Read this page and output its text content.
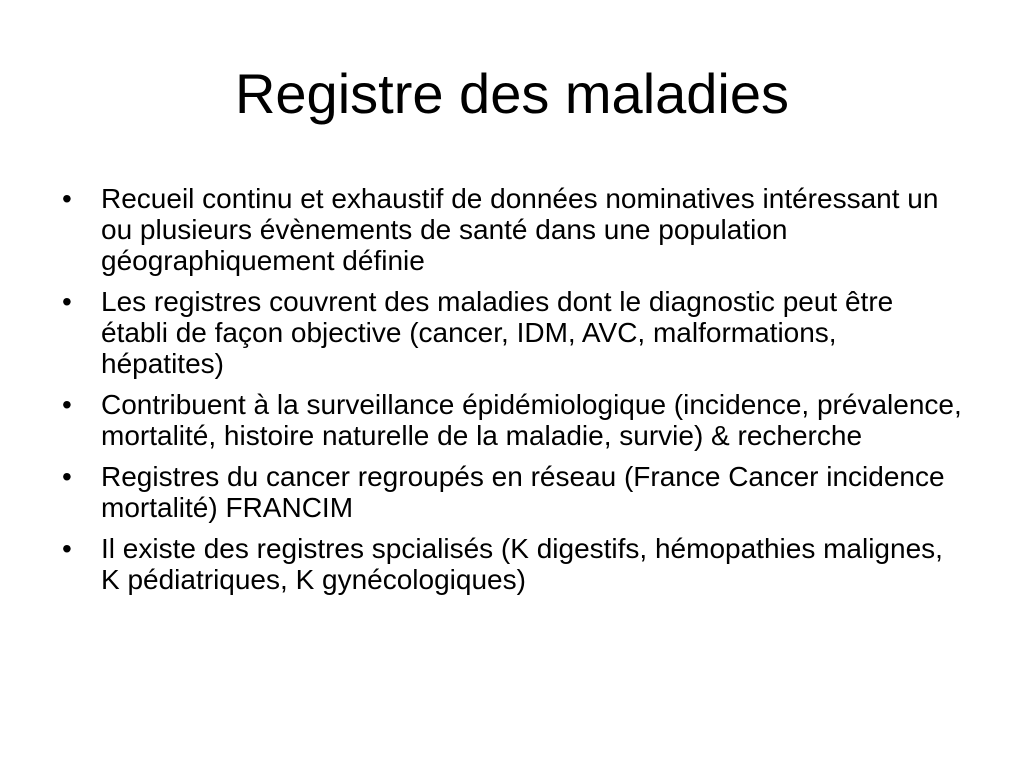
Registre des maladies
•	Recueil continu et exhaustif de données nominatives intéressant un ou plusieurs évènements de santé dans une population géographiquement définie
•	Les registres couvrent des maladies dont le diagnostic peut être établi de façon objective (cancer, IDM, AVC, malformations, hépatites)
•	Contribuent à la surveillance épidémiologique (incidence, prévalence, mortalité, histoire naturelle de la maladie, survie) & recherche
•	Registres du cancer regroupés en réseau (France Cancer incidence mortalité) FRANCIM
•	Il existe des registres spcialisés (K digestifs, hémopathies malignes, K pédiatriques, K gynécologiques)
